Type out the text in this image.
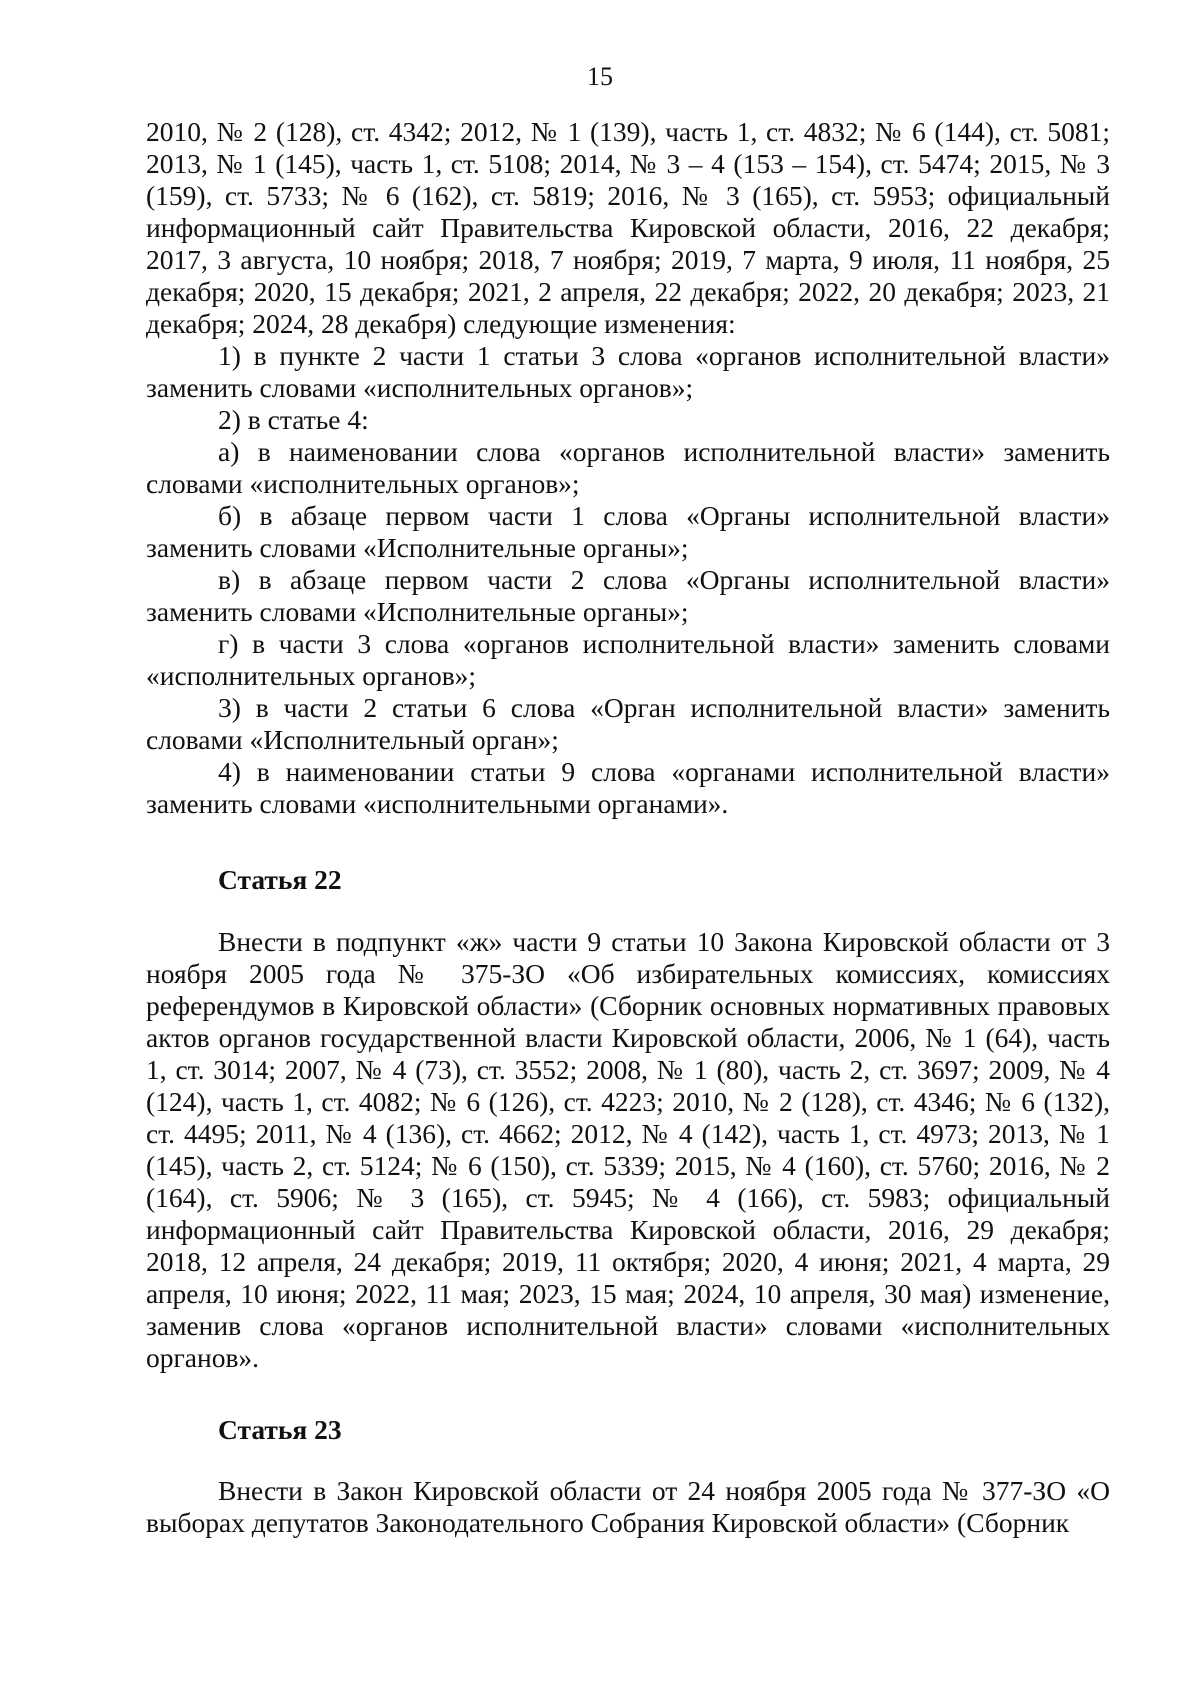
15

2010, № 2 (128), ст. 4342; 2012, № 1 (139), часть 1, ст. 4832; № 6 (144), ст. 5081; 2013, № 1 (145), часть 1, ст. 5108; 2014, № 3 – 4 (153 – 154), ст. 5474; 2015, № 3 (159), ст. 5733; № 6 (162), ст. 5819; 2016, № 3 (165), ст. 5953; официальный информационный сайт Правительства Кировской области, 2016, 22 декабря; 2017, 3 августа, 10 ноября; 2018, 7 ноября; 2019, 7 марта, 9 июля, 11 ноября, 25 декабря; 2020, 15 декабря; 2021, 2 апреля, 22 декабря; 2022, 20 декабря; 2023, 21 декабря; 2024, 28 декабря) следующие изменения:

1) в пункте 2 части 1 статьи 3 слова «органов исполнительной власти» заменить словами «исполнительных органов»;

2) в статье 4:

а) в наименовании слова «органов исполнительной власти» заменить словами «исполнительных органов»;

б) в абзаце первом части 1 слова «Органы исполнительной власти» заменить словами «Исполнительные органы»;

в) в абзаце первом части 2 слова «Органы исполнительной власти» заменить словами «Исполнительные органы»;

г) в части 3 слова «органов исполнительной власти» заменить словами «исполнительных органов»;

3) в части 2 статьи 6 слова «Орган исполнительной власти» заменить словами «Исполнительный орган»;

4) в наименовании статьи 9 слова «органами исполнительной власти» заменить словами «исполнительными органами».

Статья 22

Внести в подпункт «ж» части 9 статьи 10 Закона Кировской области от 3 ноября 2005 года № 375-ЗО «Об избирательных комиссиях, комиссиях референдумов в Кировской области» (Сборник основных нормативных правовых актов органов государственной власти Кировской области, 2006, № 1 (64), часть 1, ст. 3014; 2007, № 4 (73), ст. 3552; 2008, № 1 (80), часть 2, ст. 3697; 2009, № 4 (124), часть 1, ст. 4082; № 6 (126), ст. 4223; 2010, № 2 (128), ст. 4346; № 6 (132), ст. 4495; 2011, № 4 (136), ст. 4662; 2012, № 4 (142), часть 1, ст. 4973; 2013, № 1 (145), часть 2, ст. 5124; № 6 (150), ст. 5339; 2015, № 4 (160), ст. 5760; 2016, № 2 (164), ст. 5906; № 3 (165), ст. 5945; № 4 (166), ст. 5983; официальный информационный сайт Правительства Кировской области, 2016, 29 декабря; 2018, 12 апреля, 24 декабря; 2019, 11 октября; 2020, 4 июня; 2021, 4 марта, 29 апреля, 10 июня; 2022, 11 мая; 2023, 15 мая; 2024, 10 апреля, 30 мая) изменение, заменив слова «органов исполнительной власти» словами «исполнительных органов».

Статья 23

Внести в Закон Кировской области от 24 ноября 2005 года № 377-ЗО «О выборах депутатов Законодательного Собрания Кировской области» (Сборник
